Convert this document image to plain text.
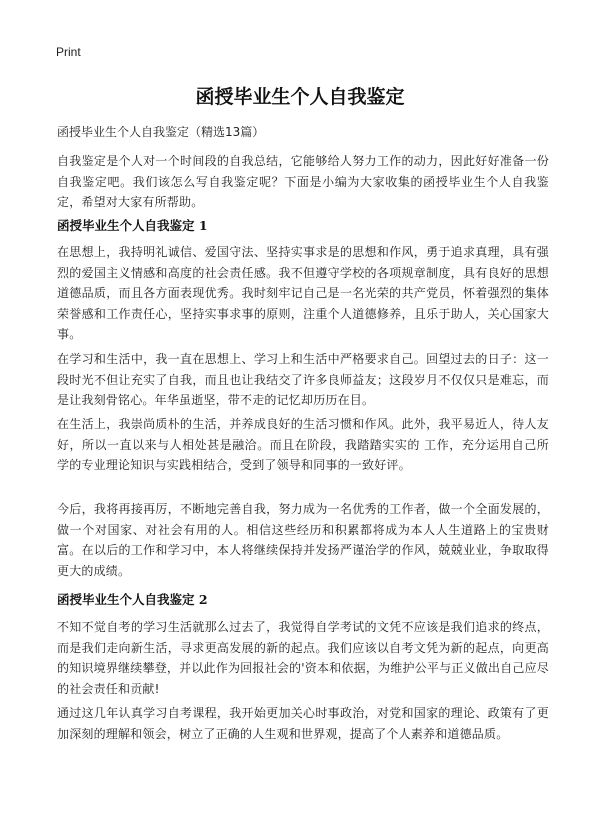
Print
函授毕业生个人自我鉴定

函授毕业生个人自我鉴定（精选13篇）

自我鉴定是个人对一个时间段的自我总结，它能够给人努力工作的动力，因此好好准备一份自我鉴定吧。我们该怎么写自我鉴定呢？下面是小编为大家收集的函授毕业生个人自我鉴定，希望对大家有所帮助。

函授毕业生个人自我鉴定 1

在思想上，我持明礼诚信、爱国守法、坚持实事求是的思想和作风，勇于追求真理，具有强烈的爱国主义情感和高度的社会责任感。我不但遵守学校的各项规章制度，具有良好的思想道德品质，而且各方面表现优秀。我时刻牢记自己是一名光荣的共产党员，怀着强烈的集体荣誉感和工作责任心，坚持实事求事的原则，注重个人道德修养，且乐于助人，关心国家大事。

在学习和生活中，我一直在思想上、学习上和生活中严格要求自己。回望过去的日子：这一段时光不但让充实了自我，而且也让我结交了许多良师益友；这段岁月不仅仅只是难忘，而是让我刻骨铭心。年华虽逝坚，带不走的记忆却历历在目。

在生活上，我崇尚质朴的生活，并养成良好的生活习惯和作风。此外，我平易近人，待人友好，所以一直以来与人相处甚是融洽。而且在阶段，我踏踏实实的 工作，充分运用自己所学的专业理论知识与实践相结合，受到了领导和同事的一致好评。

今后，我将再接再厉，不断地完善自我，努力成为一名优秀的工作者，做一个全面发展的，做一个对国家、对社会有用的人。相信这些经历和积累都将成为本人人生道路上的宝贵财富。在以后的工作和学习中，本人将继续保持并发扬严谨治学的作风，兢兢业业，争取取得更大的成绩。

函授毕业生个人自我鉴定 2

不知不觉自考的学习生活就那么过去了，我觉得自学考试的文凭不应该是我们追求的终点，而是我们走向新生活，寻求更高发展的新的起点。我们应该以自考文凭为新的起点，向更高的知识境界继续攀登，并以此作为回报社会的'资本和依据，为维护公平与正义做出自己应尽的社会责任和贡献!

通过这几年认真学习自考课程，我开始更加关心时事政治，对党和国家的理论、政策有了更加深刻的理解和领会，树立了正确的人生观和世界观，提高了个人素养和道德品质。
